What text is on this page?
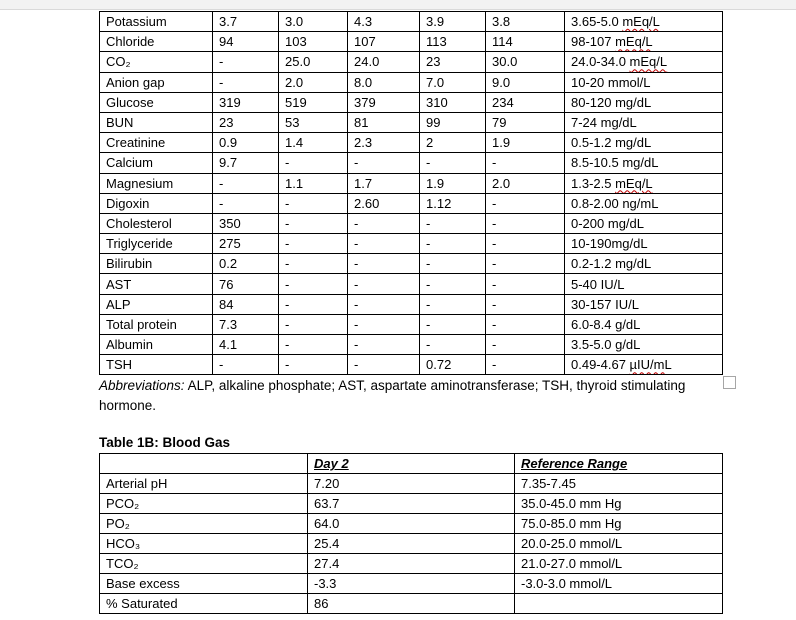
Potassium	3.7	3.0	4.3	3.9	3.8	3.65-5.0 mEq/L
Chloride	94	103	107	113	114	98-107 mEq/L
CO₂	-	25.0	24.0	23	30.0	24.0-34.0 mEq/L
Anion gap	-	2.0	8.0	7.0	9.0	10-20 mmol/L
Glucose	319	519	379	310	234	80-120 mg/dL
BUN	23	53	81	99	79	7-24 mg/dL
Creatinine	0.9	1.4	2.3	2	1.9	0.5-1.2 mg/dL
Calcium	9.7	-	-	-	-	8.5-10.5 mg/dL
Magnesium	-	1.1	1.7	1.9	2.0	1.3-2.5 mEq/L
Digoxin	-	-	2.60	1.12	-	0.8-2.00 ng/mL
Cholesterol	350	-	-	-	-	0-200 mg/dL
Triglyceride	275	-	-	-	-	10-190mg/dL
Bilirubin	0.2	-	-	-	-	0.2-1.2 mg/dL
AST	76	-	-	-	-	5-40 IU/L
ALP	84	-	-	-	-	30-157 IU/L
Total protein	7.3	-	-	-	-	6.0-8.4 g/dL
Albumin	4.1	-	-	-	-	3.5-5.0 g/dL
TSH	-	-	-	0.72	-	0.49-4.67 µIU/mL
Abbreviations: ALP, alkaline phosphate; AST, aspartate aminotransferase; TSH, thyroid stimulating hormone.
Table 1B: Blood Gas
	Day 2	Reference Range
Arterial pH	7.20	7.35-7.45
PCO₂	63.7	35.0-45.0 mm Hg
PO₂	64.0	75.0-85.0 mm Hg
HCO₃	25.4	20.0-25.0 mmol/L
TCO₂	27.4	21.0-27.0 mmol/L
Base excess	-3.3	-3.0-3.0 mmol/L
% Saturated	86	
